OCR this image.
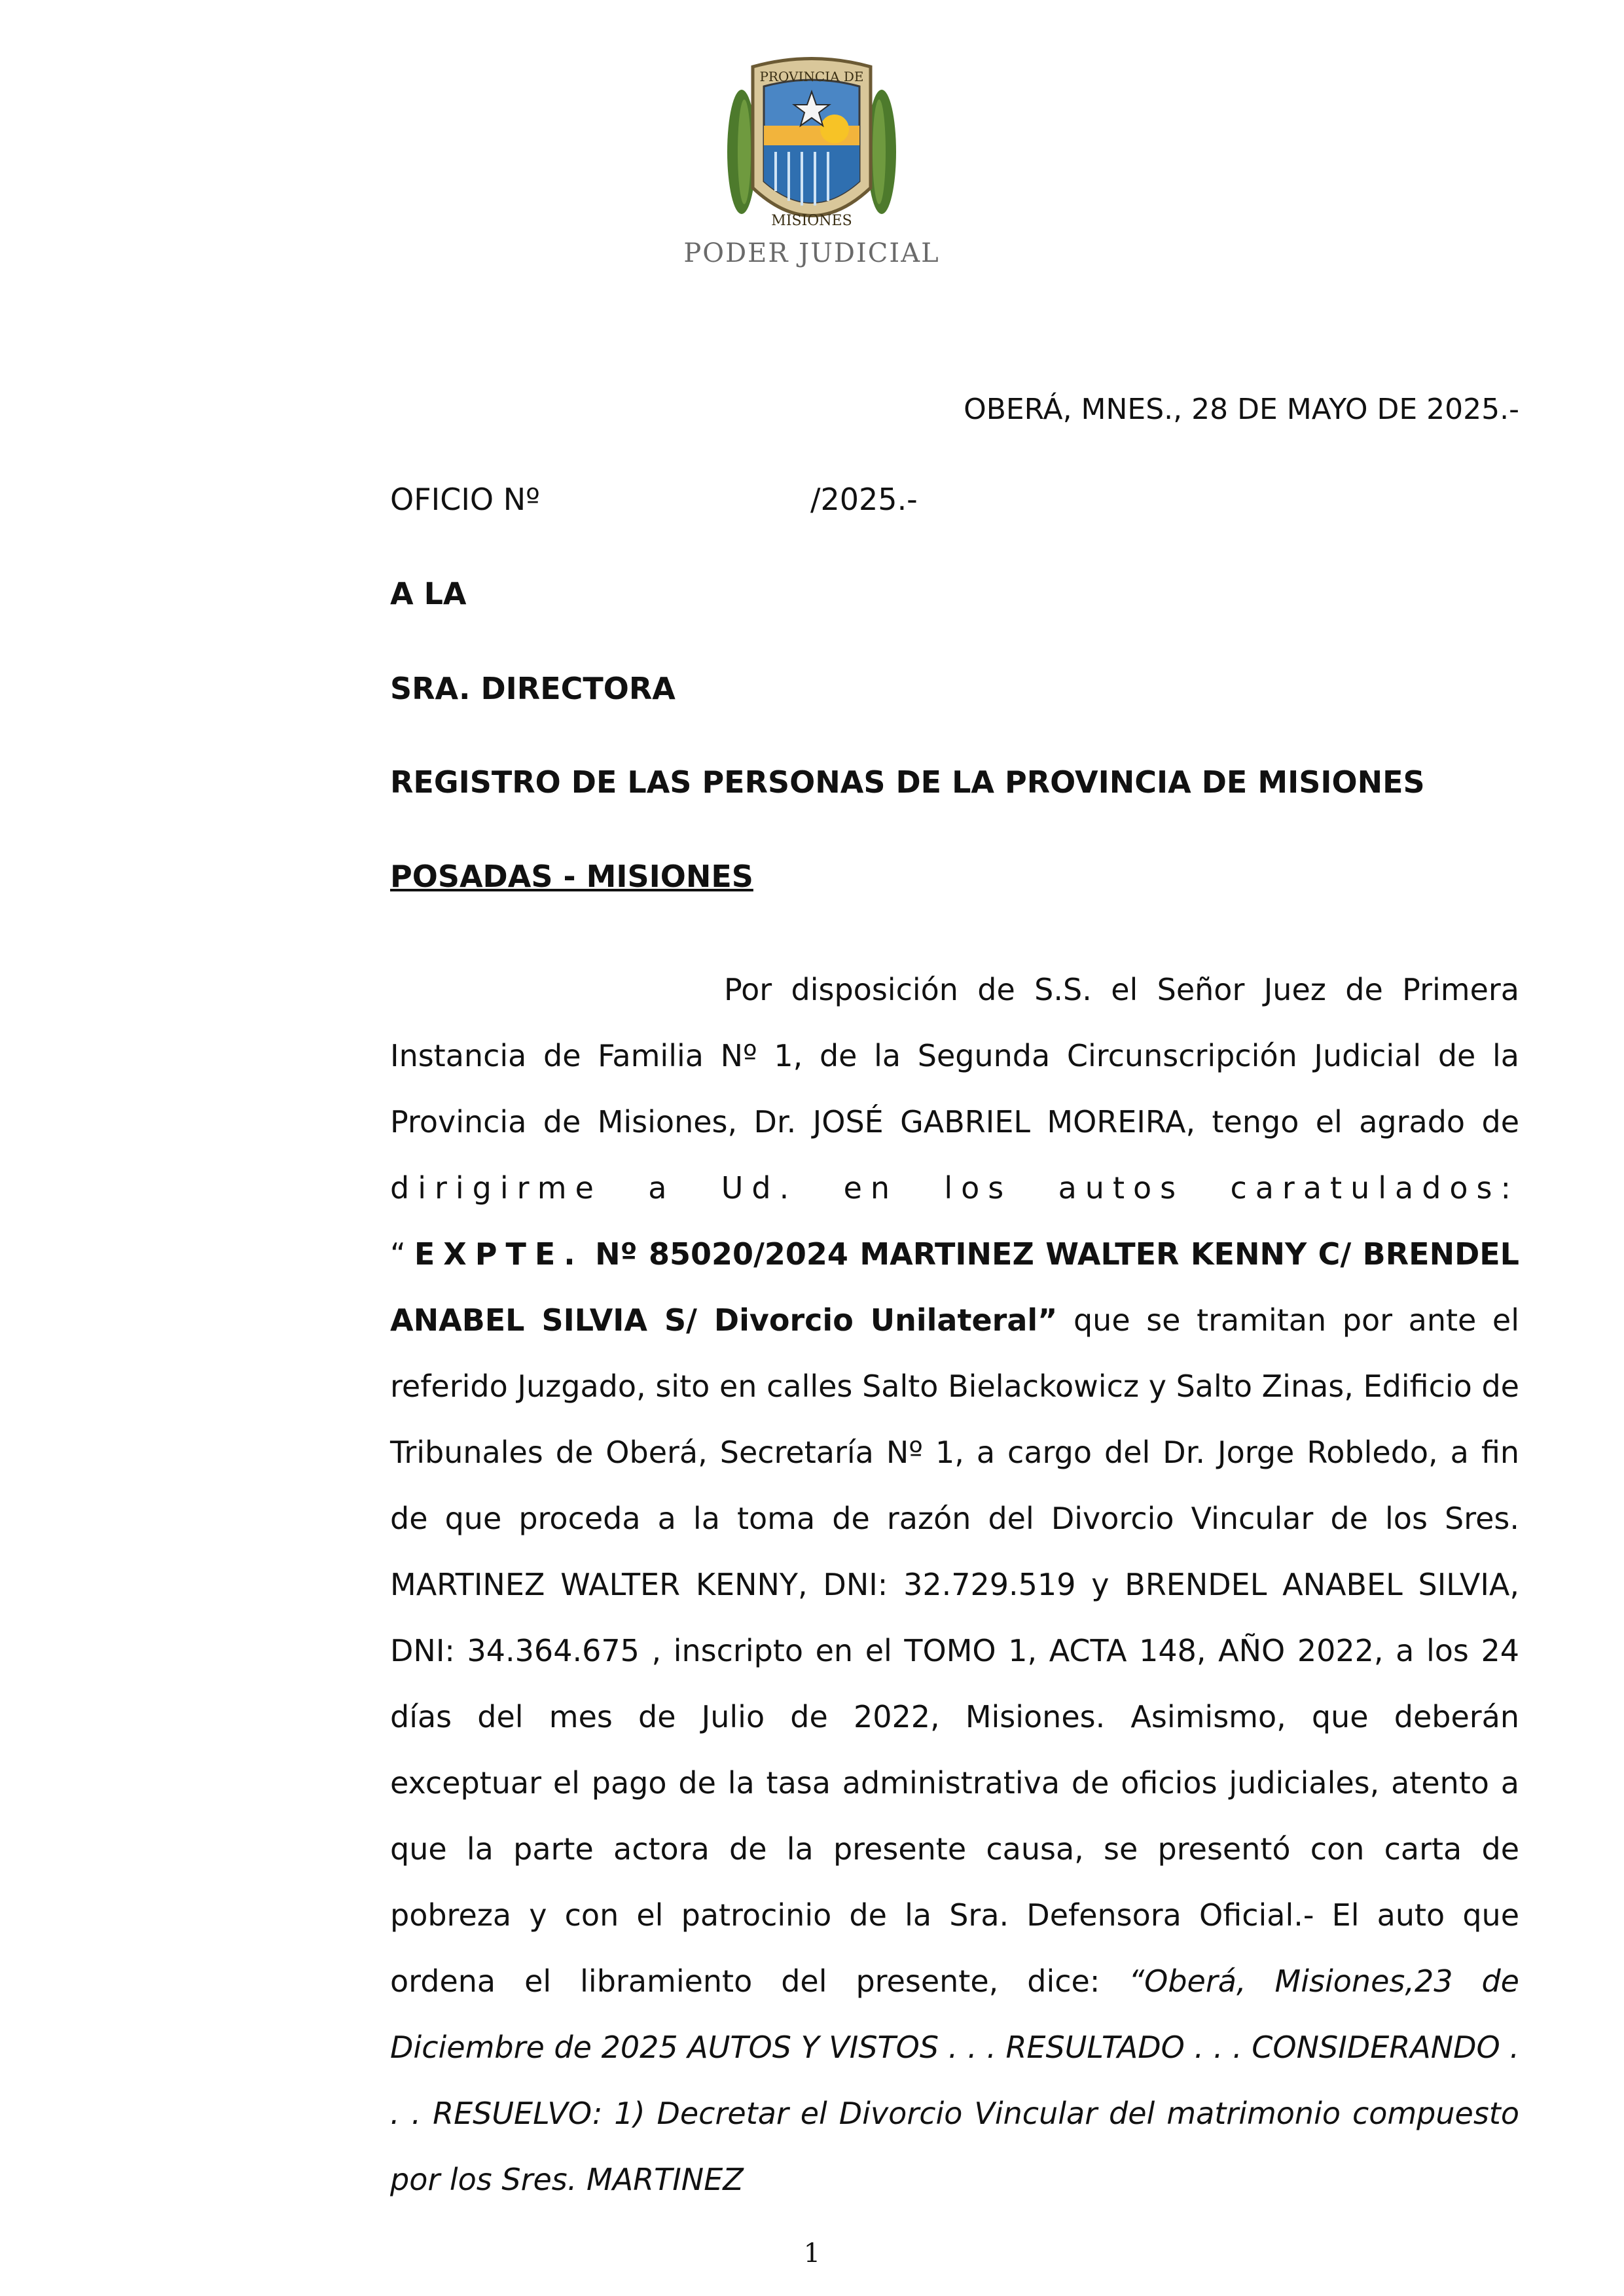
PROVINCIA DE
MISIONES
PODER JUDICIAL
OBERÁ, MNES., 28 DE MAYO DE 2025.-
OFICIO Nº	/2025.-
A LA
SRA. DIRECTORA
REGISTRO DE LAS PERSONAS DE LA PROVINCIA DE MISIONES
POSADAS - MISIONES
Por disposición de S.S. el Señor Juez de Primera Instancia de Familia Nº 1, de la Segunda Circunscripción Judicial de la Provincia de Misiones, Dr. JOSÉ GABRIEL MOREIRA, tengo el agrado de dirigirme a Ud. en los autos caratulados: “EXPTE. Nº 85020/2024 MARTINEZ WALTER KENNY C/ BRENDEL ANABEL SILVIA S/ Divorcio Unilateral” que se tramitan por ante el referido Juzgado, sito en calles Salto Bielackowicz y Salto Zinas, Edificio de Tribunales de Oberá, Secretaría Nº 1, a cargo del Dr. Jorge Robledo, a fin de que proceda a la toma de razón del Divorcio Vincular de los Sres. MARTINEZ WALTER KENNY, DNI: 32.729.519 y BRENDEL ANABEL SILVIA, DNI: 34.364.675 , inscripto en el TOMO 1, ACTA 148, AÑO 2022, a los 24 días del mes de Julio de 2022, Misiones. Asimismo, que deberán exceptuar el pago de la tasa administrativa de oficios judiciales, atento a que la parte actora de la presente causa, se presentó con carta de pobreza y con el patrocinio de la Sra. Defensora Oficial.- El auto que ordena el libramiento del presente, dice: “Oberá, Misiones,23 de Diciembre de 2025 AUTOS Y VISTOS . . . RESULTADO . . . CONSIDERANDO . . . RESUELVO: 1) Decretar el Divorcio Vincular del matrimonio compuesto por los Sres. MARTINEZ
1
